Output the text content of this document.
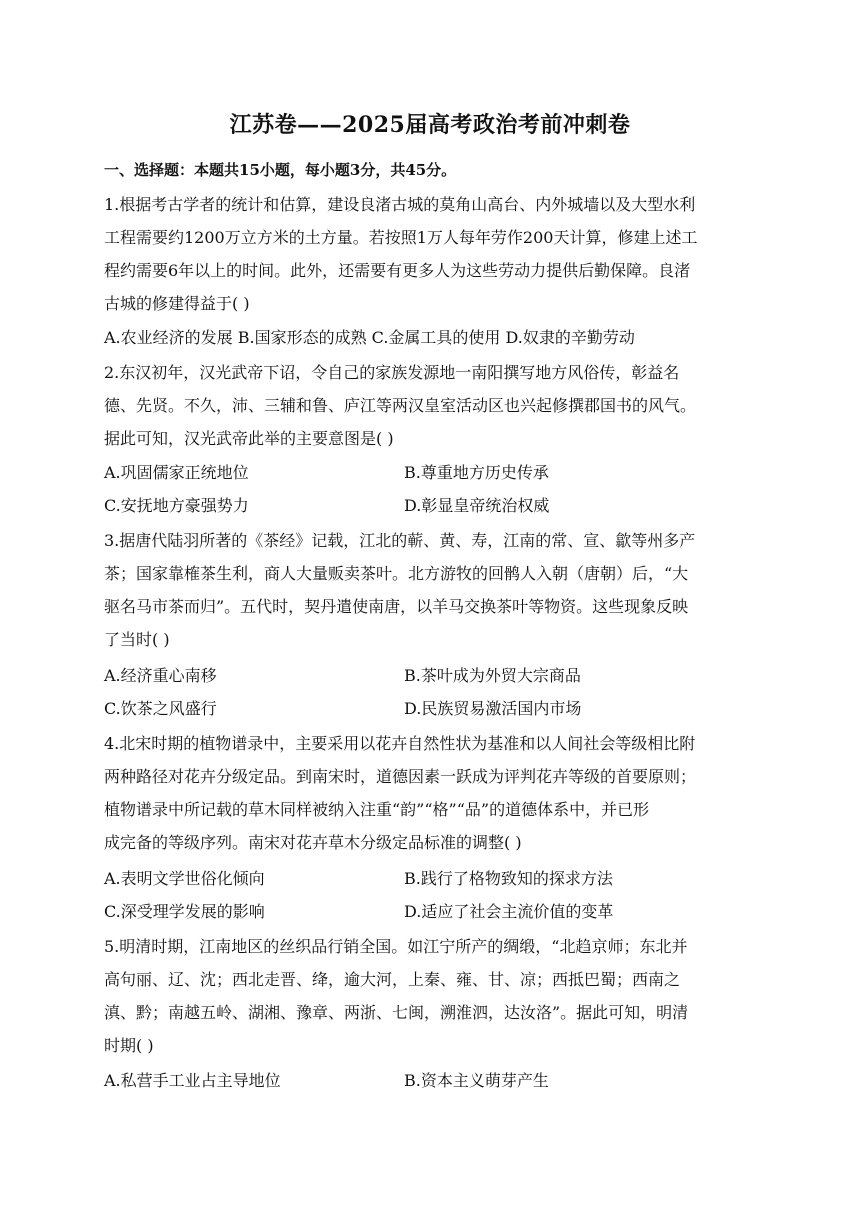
江苏卷——2025届高考政治考前冲刺卷
一、选择题：本题共15小题，每小题3分，共45分。
1.根据考古学者的统计和估算，建设良渚古城的莫角山高台、内外城墙以及大型水利
工程需要约1200万立方米的土方量。若按照1万人每年劳作200天计算，修建上述工
程约需要6年以上的时间。此外，还需要有更多人为这些劳动力提供后勤保障。良渚
古城的修建得益于( )
A.农业经济的发展 B.国家形态的成熟 C.金属工具的使用 D.奴隶的辛勤劳动
2.东汉初年，汉光武帝下诏，令自己的家族发源地一南阳撰写地方风俗传，彰益名
德、先贤。不久，沛、三辅和鲁、庐江等两汉皇室活动区也兴起修撰郡国书的风气。
据此可知，汉光武帝此举的主要意图是( )
A.巩固儒家正统地位	B.尊重地方历史传承
C.安抚地方豪强势力	D.彰显皇帝统治权威
3.据唐代陆羽所著的《茶经》记载，江北的蕲、黄、寿，江南的常、宣、歙等州多产
茶；国家靠榷茶生利，商人大量贩卖茶叶。北方游牧的回鹘人入朝（唐朝）后，“大
驱名马市茶而归”。五代时，契丹遣使南唐，以羊马交换茶叶等物资。这些现象反映
了当时( )
A.经济重心南移	B.茶叶成为外贸大宗商品
C.饮茶之风盛行	D.民族贸易激活国内市场
4.北宋时期的植物谱录中，主要采用以花卉自然性状为基准和以人间社会等级相比附
两种路径对花卉分级定品。到南宋时，道德因素一跃成为评判花卉等级的首要原则；
植物谱录中所记载的草木同样被纳入注重“韵”“格”“品”的道德体系中，并已形
成完备的等级序列。南宋对花卉草木分级定品标准的调整( )
A.表明文学世俗化倾向	B.践行了格物致知的探求方法
C.深受理学发展的影响	D.适应了社会主流价值的变革
5.明清时期，江南地区的丝织品行销全国。如江宁所产的绸缎，“北趋京师；东北并
高句丽、辽、沈；西北走晋、绛，逾大河，上秦、雍、甘、凉；西抵巴蜀；西南之
滇、黔；南越五岭、湖湘、豫章、两浙、七闽，溯淮泗，达汝洛”。据此可知，明清
时期( )
A.私营手工业占主导地位	B.资本主义萌芽产生
